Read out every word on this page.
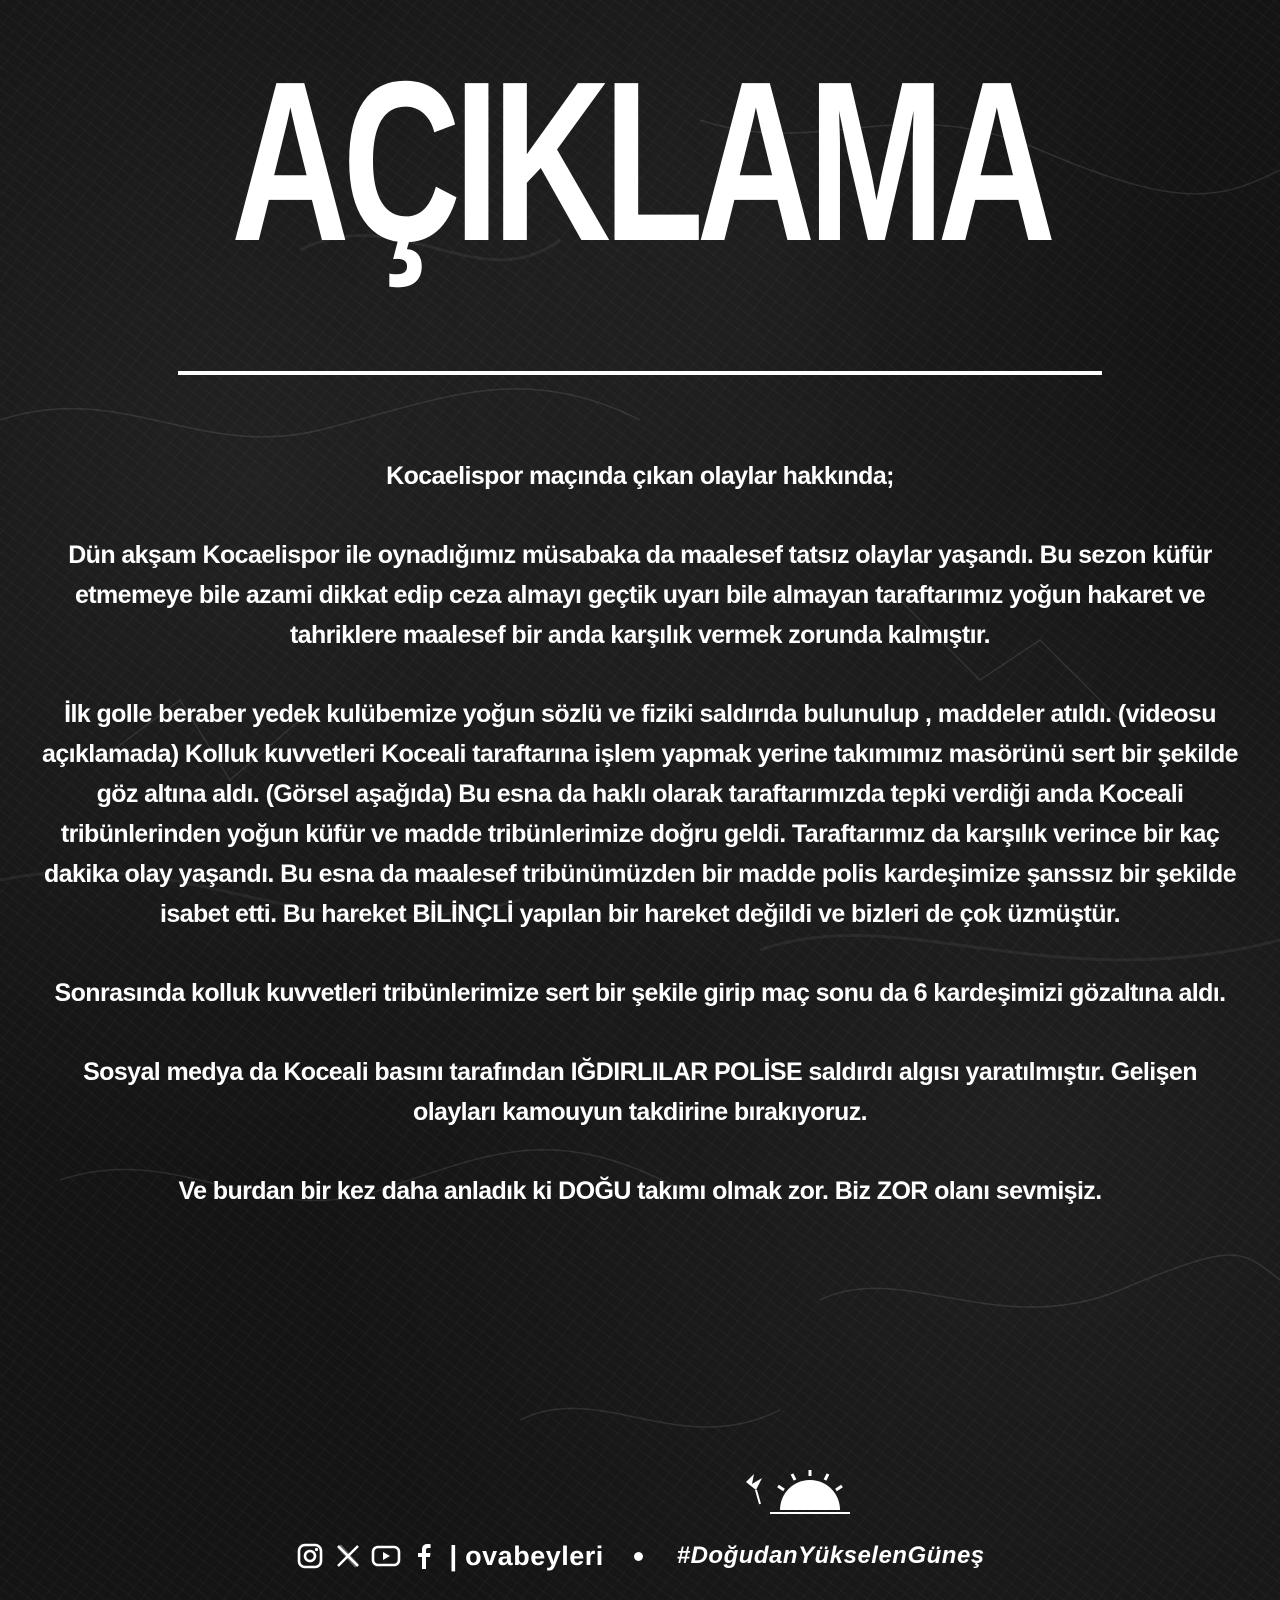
AÇIKLAMA

Kocaelispor maçında çıkan olaylar hakkında;

Dün akşam Kocaelispor ile oynadığımız müsabaka da maalesef tatsız olaylar yaşandı. Bu sezon küfür etmemeye bile azami dikkat edip ceza almayı geçtik uyarı bile almayan taraftarımız yoğun hakaret ve tahriklere maalesef bir anda karşılık vermek zorunda kalmıştır.

İlk golle beraber yedek kulübemize yoğun sözlü ve fiziki saldırıda bulunulup , maddeler atıldı. (videosu açıklamada) Kolluk kuvvetleri Koceali taraftarına işlem yapmak yerine takımımız masörünü sert bir şekilde göz altına aldı. (Görsel aşağıda) Bu esna da haklı olarak taraftarımızda tepki verdiği anda Koceali tribünlerinden yoğun küfür ve madde tribünlerimize doğru geldi. Taraftarımız da karşılık verince bir kaç dakika olay yaşandı. Bu esna da maalesef tribünümüzden bir madde polis kardeşimize şanssız bir şekilde isabet etti. Bu hareket BİLİNÇLİ yapılan bir hareket değildi ve bizleri de çok üzmüştür.

Sonrasında kolluk kuvvetleri tribünlerimize sert bir şekile girip maç sonu da 6 kardeşimizi gözaltına aldı.

Sosyal medya da Koceali basını tarafından IĞDIRLILAR POLİSE saldırdı algısı yaratılmıştır. Gelişen olayları kamouyun takdirine bırakıyoruz.

Ve burdan bir kez daha anladık ki DOĞU takımı olmak zor. Biz ZOR olanı sevmişiz.

| ovabeyleri	#DoğudanYükselenGüneş
